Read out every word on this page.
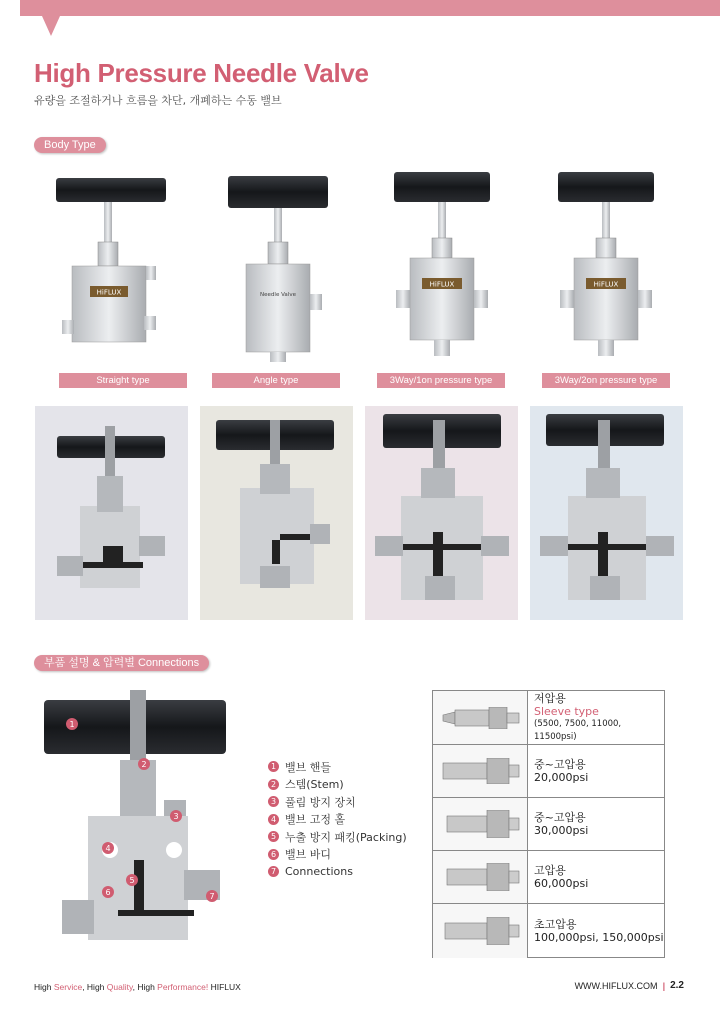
High Pressure Needle Valve
유량을 조절하거나 흐름을 차단, 개폐하는 수동 밸브
Body Type
HiFLUX	Needle Valve
HiFLUX	HiFLUX
Straight type	Angle type	3Way/1on pressure type	3Way/2on pressure type
부품 설명 & 압력별 Connections
1
2
3
4
5
6	7
1 밸브 핸들
2 스템(Stem)
3 풀림 방지 장치
4 밸브 고정 홀
5 누출 방지 패킹(Packing)
6 밸브 바디
7 Connections
저압용
Sleeve type
(5500, 7500, 11000, 11500psi)
중~고압용
20,000psi
중~고압용
30,000psi
고압용
60,000psi
초고압용
100,000psi, 150,000psi
High Service, High Quality, High Performance! HIFLUX	WWW.HIFLUX.COM | 2.2
